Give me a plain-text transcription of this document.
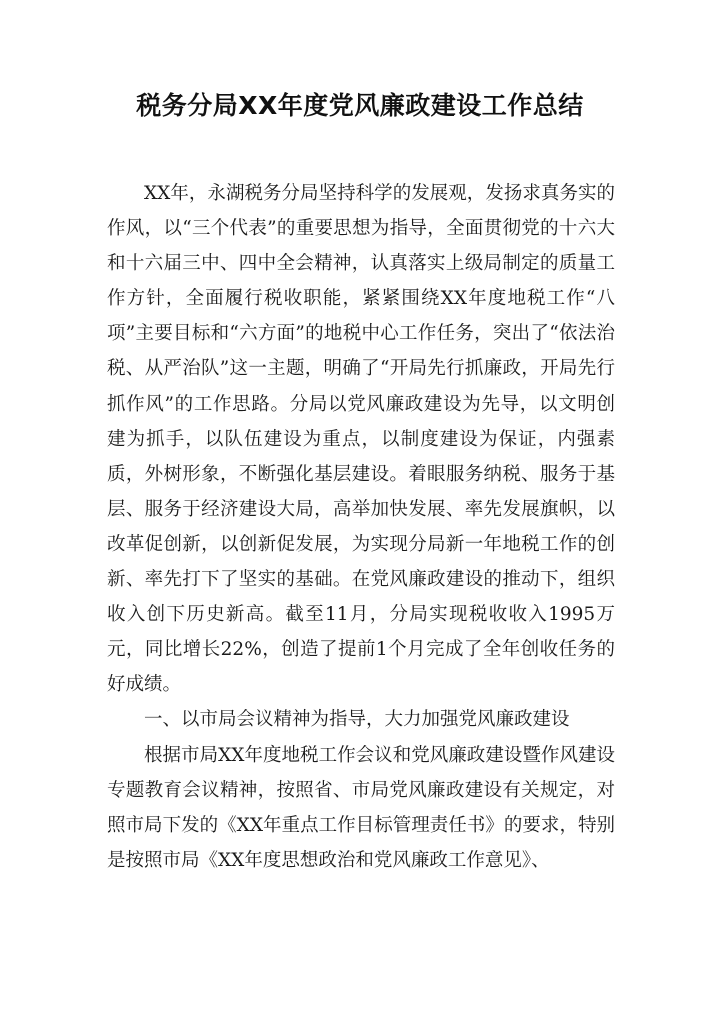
税务分局XX年度党风廉政建设工作总结

XX年，永湖税务分局坚持科学的发展观，发扬求真务实的作风，以“三个代表”的重要思想为指导，全面贯彻党的十六大和十六届三中、四中全会精神，认真落实上级局制定的质量工作方针，全面履行税收职能，紧紧围绕XX年度地税工作“八项”主要目标和“六方面”的地税中心工作任务，突出了“依法治税、从严治队”这一主题，明确了“开局先行抓廉政，开局先行抓作风”的工作思路。分局以党风廉政建设为先导，以文明创建为抓手，以队伍建设为重点，以制度建设为保证，内强素质，外树形象，不断强化基层建设。着眼服务纳税、服务于基层、服务于经济建设大局，高举加快发展、率先发展旗帜，以改革促创新，以创新促发展，为实现分局新一年地税工作的创新、率先打下了坚实的基础。在党风廉政建设的推动下，组织收入创下历史新高。截至11月，分局实现税收收入1995万元，同比增长22%，创造了提前1个月完成了全年创收任务的好成绩。

一、以市局会议精神为指导，大力加强党风廉政建设

根据市局XX年度地税工作会议和党风廉政建设暨作风建设专题教育会议精神，按照省、市局党风廉政建设有关规定，对照市局下发的《XX年重点工作目标管理责任书》的要求，特别是按照市局《XX年度思想政治和党风廉政工作意见》、
